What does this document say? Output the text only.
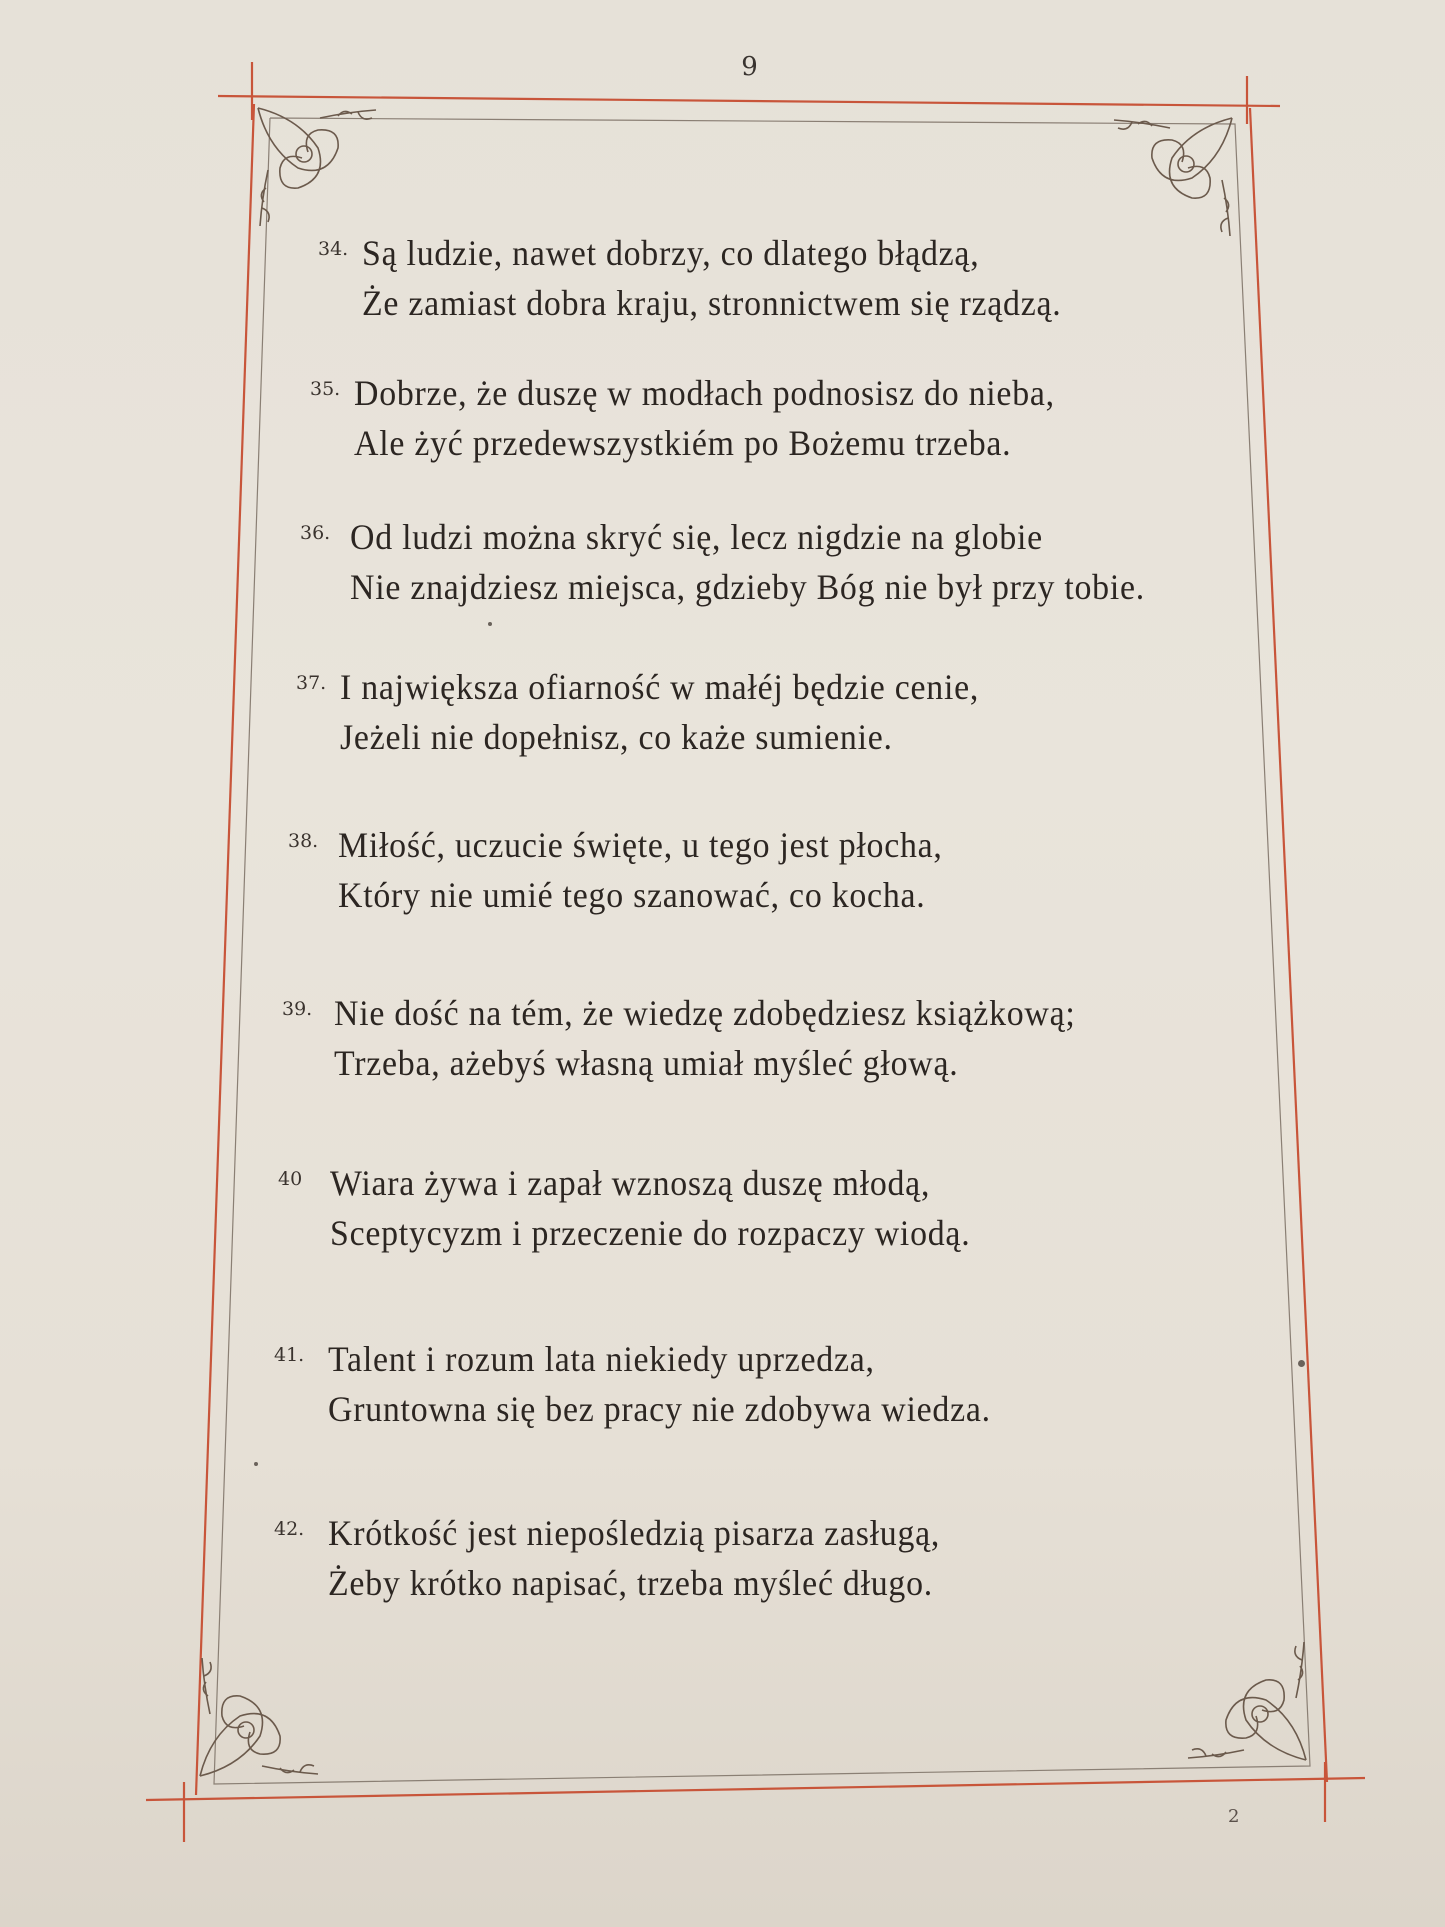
9
34. Są ludzie, nawet dobrzy, co dlatego błądzą,
Że zamiast dobra kraju, stronnictwem się rządzą.
35. Dobrze, że duszę w modłach podnosisz do nieba,
Ale żyć przedewszystkiém po Bożemu trzeba.
36. Od ludzi można skryć się, lecz nigdzie na globie
Nie znajdziesz miejsca, gdzieby Bóg nie był przy tobie.
37. I największa ofiarność w małéj będzie cenie,
Jeżeli nie dopełnisz, co każe sumienie.
38. Miłość, uczucie święte, u tego jest płocha,
Który nie umié tego szanować, co kocha.
39. Nie dość na tém, że wiedzę zdobędziesz książkową;
Trzeba, ażebyś własną umiał myśleć głową.
40 Wiara żywa i zapał wznoszą duszę młodą,
Sceptycyzm i przeczenie do rozpaczy wiodą.
41. Talent i rozum lata niekiedy uprzedza,
Gruntowna się bez pracy nie zdobywa wiedza.
42. Krótkość jest niepośledzią pisarza zasługą,
Żeby krótko napisać, trzeba myśleć długo.
2
